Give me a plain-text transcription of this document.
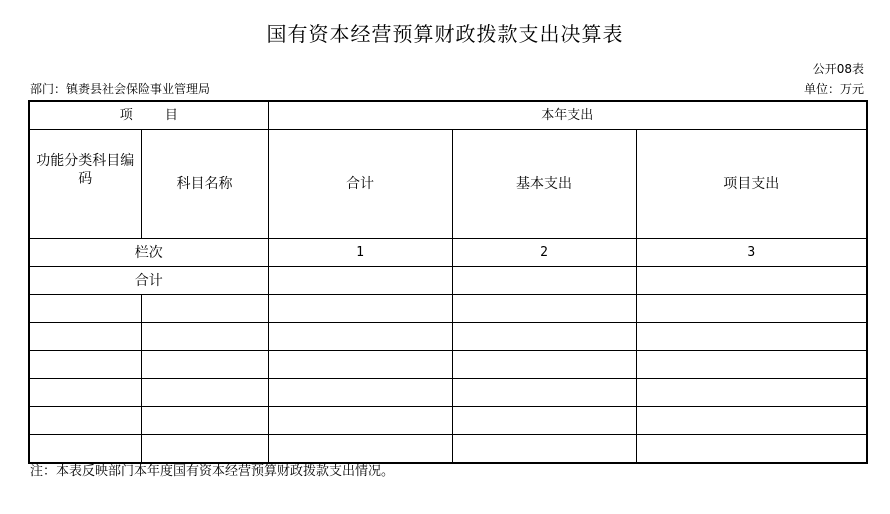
国有资本经营预算财政拨款支出决算表
公开08表
部门：镇赉县社会保险事业管理局	单位：万元
项 目		本年支出		
功能分类科目编码	科目名称	合计	基本支出	项目支出
栏次		1	2	3
合计				

注：本表反映部门本年度国有资本经营预算财政拨款支出情况。
